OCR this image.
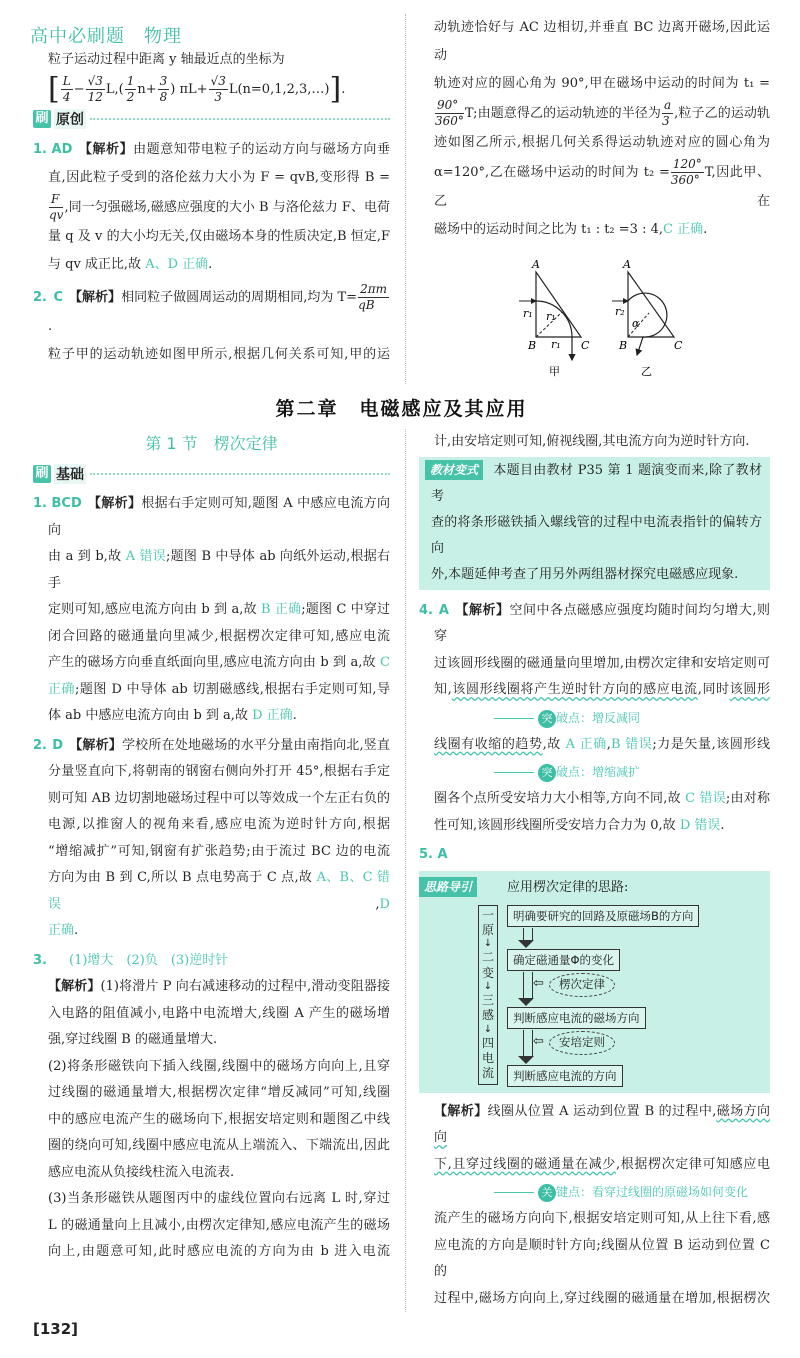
高中必刷题　物理
粒子运动过程中距离 y 轴最近点的坐标为
[ $\frac{L}{4} - \frac{√3}{12} L,( \frac{1}{2} n+ \frac{3}{8}$ ) $\pi L+ \frac{√3}{3}$ L(n=0,1,2,3,…)].
刷 原创
1. AD 【解析】由题意知带电粒子的运动方向与磁场方向垂
直,因此粒子受到的洛伦兹力大小为 F = qvB,变形得 B =
$\frac{F}{qv}$ ,同一匀强磁场,磁感应强度的大小 B 与洛伦兹力 F、电荷
量 q 及 v 的大小均无关,仅由磁场本身的性质决定,B 恒定,F
与 qv 成正比,故 A、D 正确.
2. C 【解析】相同粒子做圆周运动的周期相同,均为 $T= \frac{2\pi m}{qB}$
.
粒子甲的运动轨迹如图甲所示,根据几何关系可知,甲的运
动轨迹恰好与 AC 边相切,并垂直 BC 边离开磁场,因此运动
轨迹对应的圆心角为 90°,甲在磁场中运动的时间为 t₁ =
$\frac{90^\circ}{360^\circ} T$;由题意得乙的运动轨迹的半径为 $\frac{a}{3}$ ,粒子乙的运动轨
迹如图乙所示,根据几何关系得运动轨迹对应的圆心角为
α=120°,乙在磁场中运动的时间为 $t_2 = \frac{120^\circ}{360^\circ} T$,因此甲、乙在
磁场中的运动时间之比为 t₁ : t₂ =3 : 4,C 正确.
A
B	C
r₁ r₁
r₁
甲
A
B	C
r₂
α
乙
第二章　电磁感应及其应用
第 1 节　楞次定律
刷 基础
1. BCD 【解析】根据右手定则可知,题图 A 中感应电流方向向
由 a 到 b,故 A 错误;题图 B 中导体 ab 向纸外运动,根据右手
定则可知,感应电流方向由 b 到 a,故 B 正确;题图 C 中穿过
闭合回路的磁通量向里减少,根据楞次定律可知,感应电流
产生的磁场方向垂直纸面向里,感应电流方向由 b 到 a,故 C
正确;题图 D 中导体 ab 切割磁感线,根据右手定则可知,导
体 ab 中感应电流方向由 b 到 a,故 D 正确.
2. D 【解析】学校所在处地磁场的水平分量由南指向北,竖直
分量竖直向下,将朝南的钢窗右侧向外打开 45°,根据右手定
则可知 AB 边切割地磁场过程中可以等效成一个左正右负的
电源,以推窗人的视角来看,感应电流为逆时针方向,根据
“增缩减扩”可知,钢窗有扩张趋势;由于流过 BC 边的电流
方向为由 B 到 C,所以 B 点电势高于 C 点,故 A、B、C 错误,D
正确.
3. (1)增大　(2)负　(3)逆时针
【解析】(1)将滑片 P 向右减速移动的过程中,滑动变阻器接
入电路的阻值减小,电路中电流增大,线圈 A 产生的磁场增
强,穿过线圈 B 的磁通量增大.
(2)将条形磁铁向下插入线圈,线圈中的磁场方向向上,且穿
过线圈的磁通量增大,根据楞次定律“增反减同”可知,线圈
中的感应电流产生的磁场向下,根据安培定则和题图乙中线
圈的绕向可知,线圈中感应电流从上端流入、下端流出,因此
感应电流从负接线柱流入电流表.
(3)当条形磁铁从题图丙中的虚线位置向右远离 L 时,穿过
L 的磁通量向上且减小,由楞次定律知,感应电流产生的磁场
向上,由题意可知,此时感应电流的方向为由 b 进入电流
计,由安培定则可知,俯视线圈,其电流方向为逆时针方向.
教材变式 本题目由教材 P35 第 1 题演变而来,除了教材考
查的将条形磁铁插入螺线管的过程中电流表指针的偏转方向
外,本题延伸考查了用另外两组器材探究电磁感应现象.
4. A 【解析】空间中各点磁感应强度均随时间均匀增大,则穿
过该圆形线圈的磁通量向里增加,由楞次定律和安培定则可
知,该圆形线圈将产生逆时针方向的感应电流,同时该圆形
突 破点：增反减同
线圈有收缩的趋势,故 A 正确,B 错误;力是矢量,该圆形线
突 破点：增缩减扩
圈各个点所受安培力大小相等,方向不同,故 C 错误;由对称
性可知,该圆形线圈所受安培力合力为 0,故 D 错误.
5. A
思路导引	应用楞次定律的思路:
一
原
↓
二
变
↓
三
感
↓
四
电
流
明确要研究的回路及原磁场B的方向
确定磁通量Φ的变化
⇦	楞次定律
判断感应电流的磁场方向
⇦	安培定则
判断感应电流的方向
【解析】线圈从位置 A 运动到位置 B 的过程中,磁场方向向
下,且穿过线圈的磁通量在减少,根据楞次定律可知感应电
关 键点：看穿过线圈的原磁场如何变化
流产生的磁场方向向下,根据安培定则可知,从上往下看,感
应电流的方向是顺时针方向;线圈从位置 B 运动到位置 C 的
过程中,磁场方向向上,穿过线圈的磁通量在增加,根据楞次
[132]
